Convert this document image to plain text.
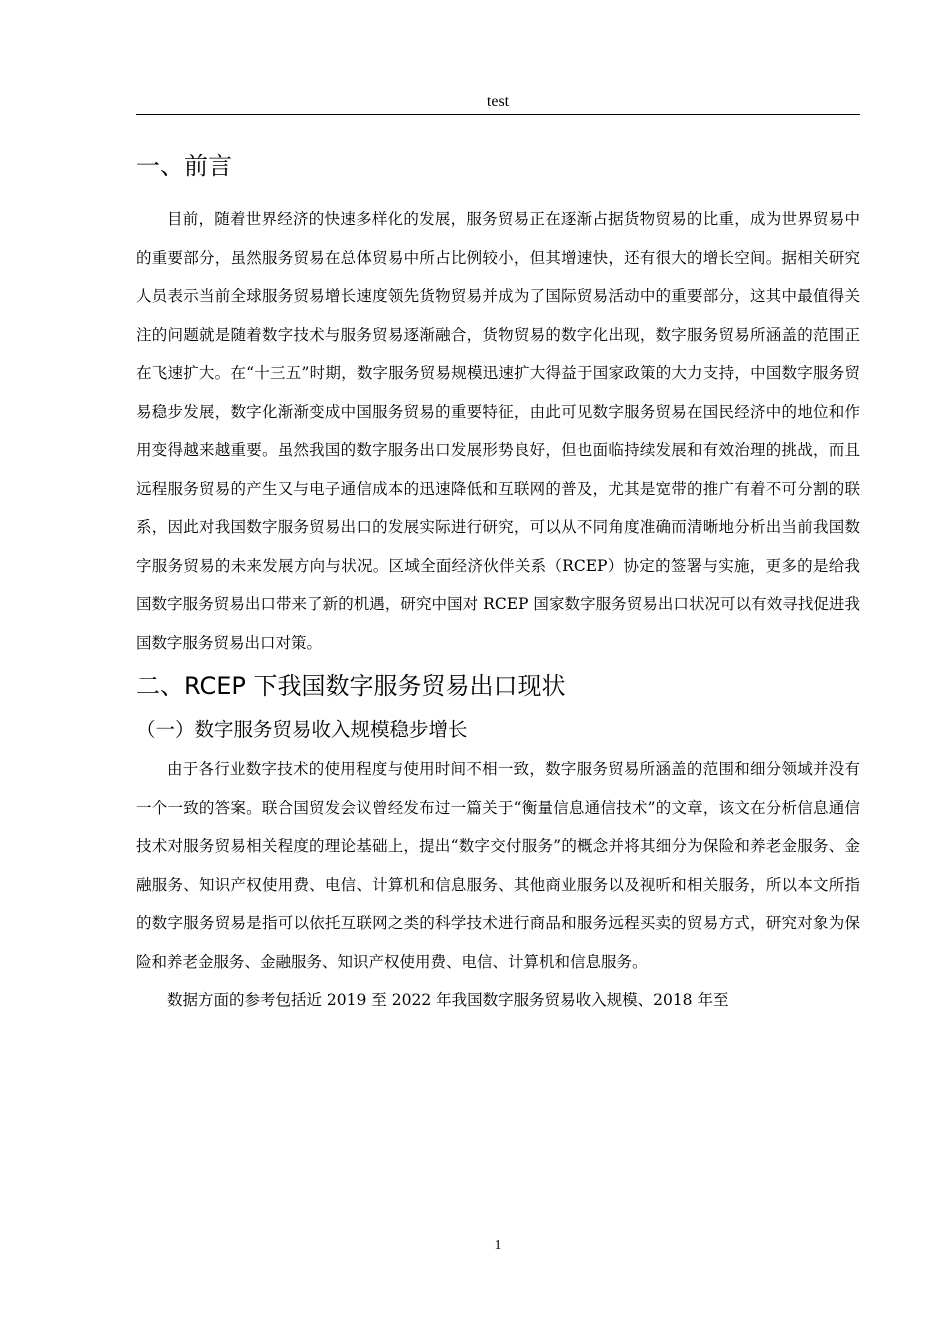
test
一、前言

目前，随着世界经济的快速多样化的发展，服务贸易正在逐渐占据货物贸易的比重，成为世界贸易中的重要部分，虽然服务贸易在总体贸易中所占比例较小，但其增速快，还有很大的增长空间。据相关研究人员表示当前全球服务贸易增长速度领先货物贸易并成为了国际贸易活动中的重要部分，这其中最值得关注的问题就是随着数字技术与服务贸易逐渐融合，货物贸易的数字化出现，数字服务贸易所涵盖的范围正在飞速扩大。在“十三五”时期，数字服务贸易规模迅速扩大得益于国家政策的大力支持，中国数字服务贸易稳步发展，数字化渐渐变成中国服务贸易的重要特征，由此可见数字服务贸易在国民经济中的地位和作用变得越来越重要。虽然我国的数字服务出口发展形势良好，但也面临持续发展和有效治理的挑战，而且远程服务贸易的产生又与电子通信成本的迅速降低和互联网的普及，尤其是宽带的推广有着不可分割的联系，因此对我国数字服务贸易出口的发展实际进行研究，可以从不同角度准确而清晰地分析出当前我国数字服务贸易的未来发展方向与状况。区域全面经济伙伴关系（RCEP）协定的签署与实施，更多的是给我国数字服务贸易出口带来了新的机遇，研究中国对 RCEP 国家数字服务贸易出口状况可以有效寻找促进我国数字服务贸易出口对策。

二、RCEP 下我国数字服务贸易出口现状
（一）数字服务贸易收入规模稳步增长

由于各行业数字技术的使用程度与使用时间不相一致，数字服务贸易所涵盖的范围和细分领域并没有一个一致的答案。联合国贸发会议曾经发布过一篇关于“衡量信息通信技术”的文章，该文在分析信息通信技术对服务贸易相关程度的理论基础上，提出“数字交付服务”的概念并将其细分为保险和养老金服务、金融服务、知识产权使用费、电信、计算机和信息服务、其他商业服务以及视听和相关服务，所以本文所指的数字服务贸易是指可以依托互联网之类的科学技术进行商品和服务远程买卖的贸易方式，研究对象为保险和养老金服务、金融服务、知识产权使用费、电信、计算机和信息服务。

数据方面的参考包括近 2019 至 2022 年我国数字服务贸易收入规模、2018 年至

1
